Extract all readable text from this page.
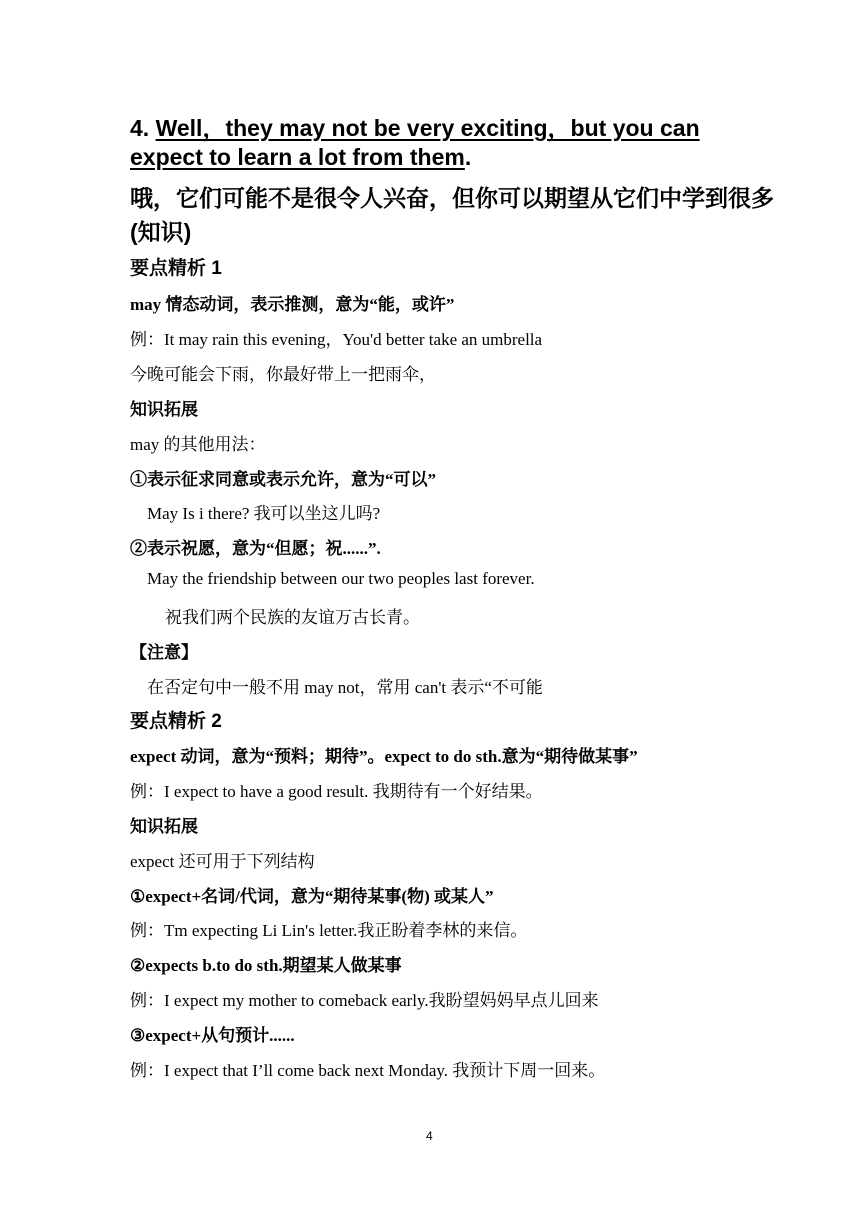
4. Well，they may not be very exciting，but you can
expect to learn a lot from them.
哦，它们可能不是很令人兴奋，但你可以期望从它们中学到很多
(知识)
要点精析 1
may 情态动词，表示推测，意为“能，或许”
例：It may rain this evening，You'd better take an umbrella
今晚可能会下雨，你最好带上一把雨伞，
知识拓展
may 的其他用法：
①表示征求同意或表示允许，意为“可以”
May Is i there? 我可以坐这儿吗?
②表示祝愿，意为“但愿；祝......”.
May the friendship between our two peoples last forever.
祝我们两个民族的友谊万古长青。
【注意】
在否定句中一般不用 may not，常用 can't 表示“不可能
要点精析 2
expect 动词，意为“预料；期待”。expect to do sth.意为“期待做某事”
例：I expect to have a good result. 我期待有一个好结果。
知识拓展
expect 还可用于下列结构
①expect+名词/代词，意为“期待某事(物) 或某人”
例：Tm expecting Li Lin's letter.我正盼着李林的来信。
②expects b.to do sth.期望某人做某事
例：I expect my mother to comeback early.我盼望妈妈早点儿回来
③expect+从句预计......
例：I expect that I’ll come back next Monday. 我预计下周一回来。
4
